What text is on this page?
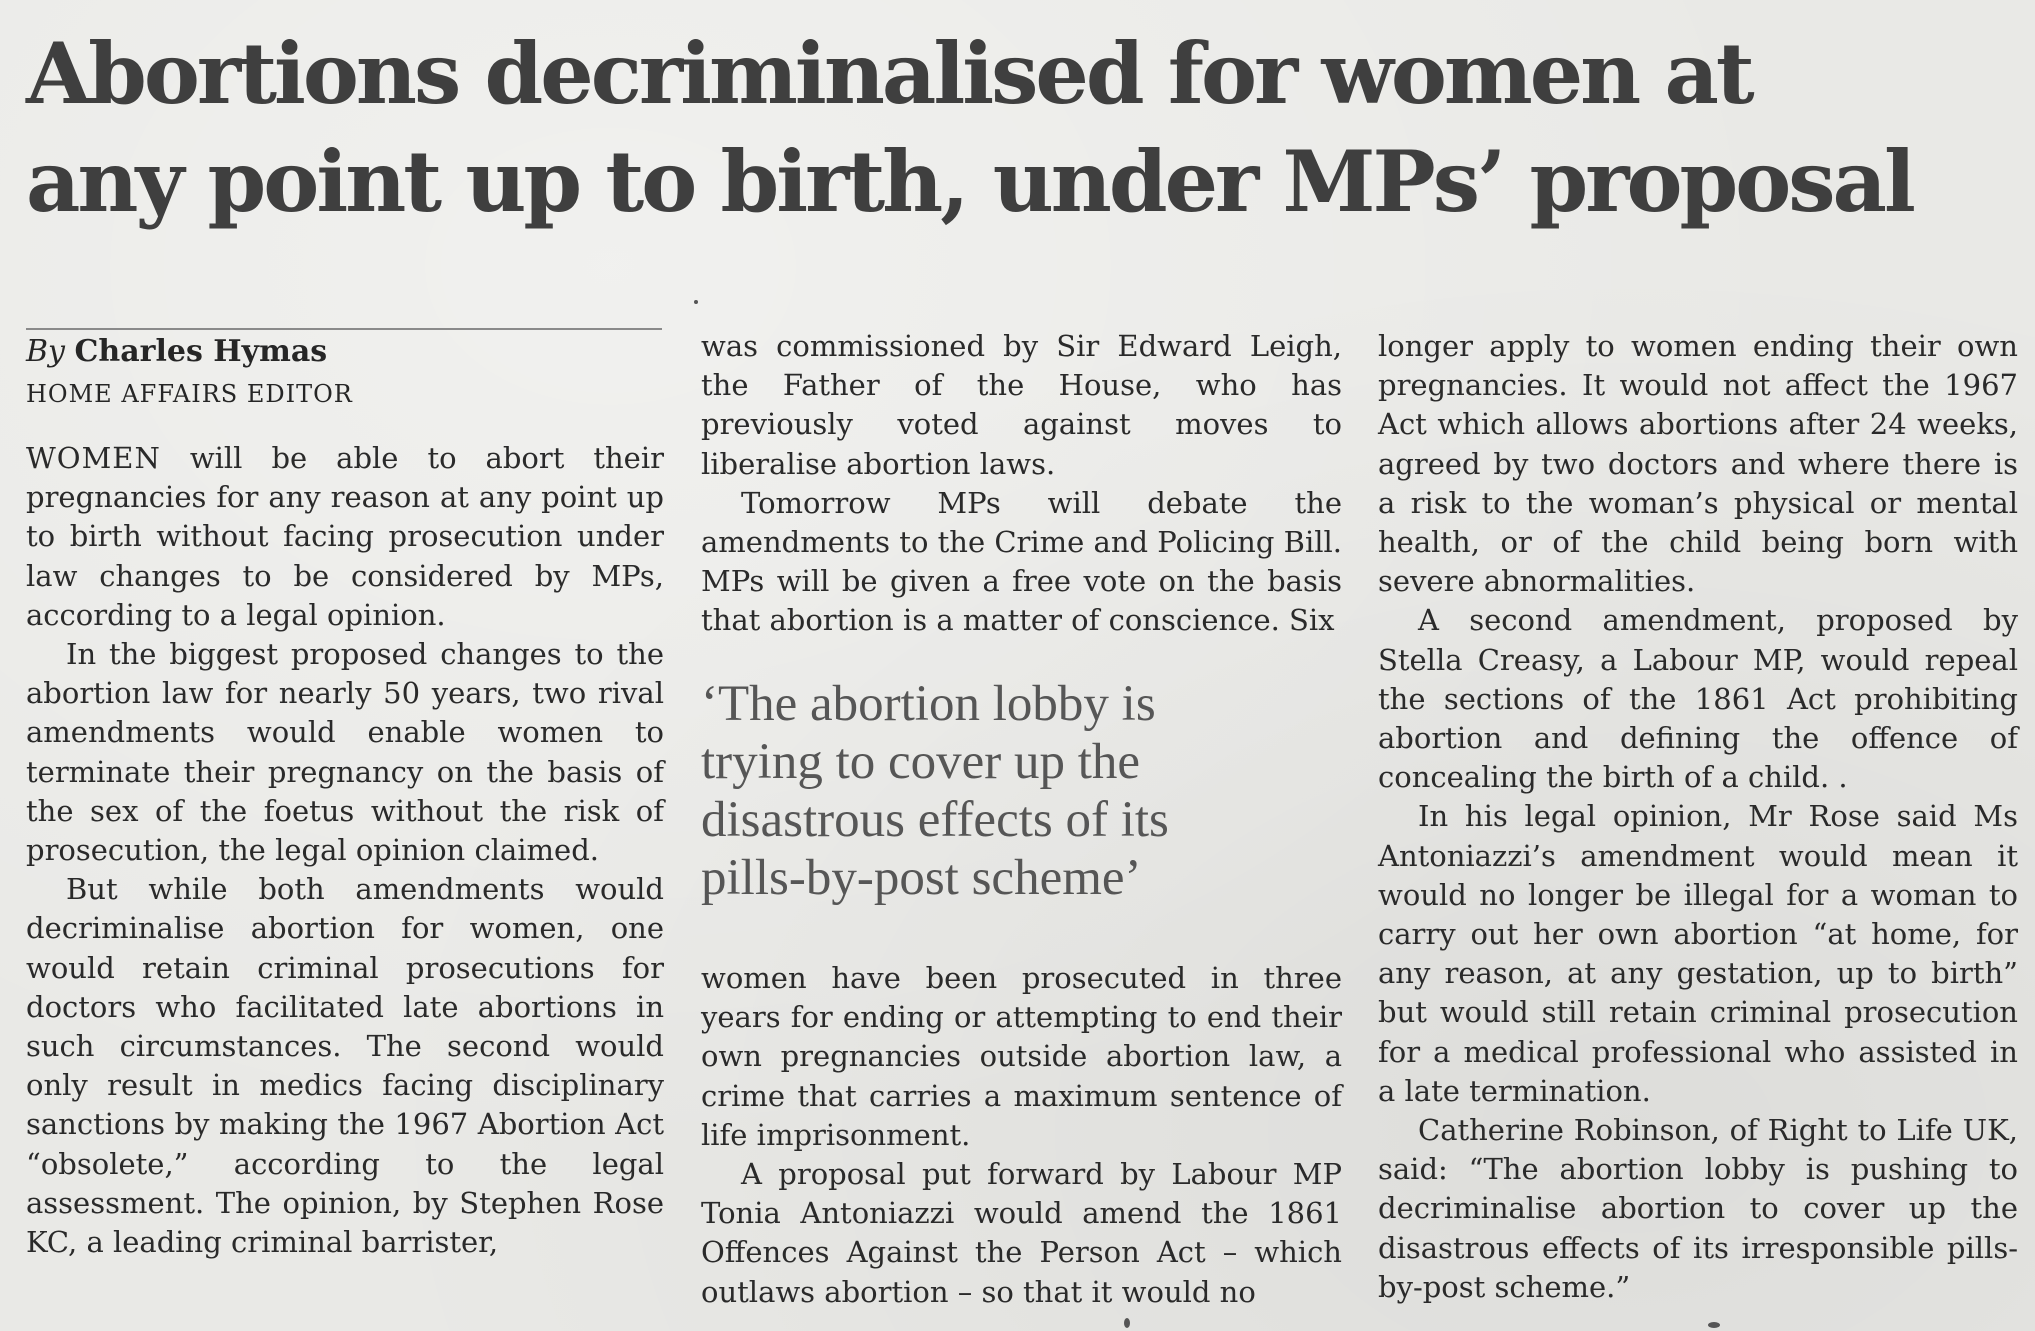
Abortions decriminalised for women at
any point up to birth, under MPs’ proposal
By Charles Hymas
HOME AFFAIRS EDITOR

WOMEN will be able to abort their pregnancies for any reason at any point up to birth without facing prosecution under law changes to be considered by MPs, according to a legal opinion.

In the biggest proposed changes to the abortion law for nearly 50 years, two rival amendments would enable women to terminate their pregnancy on the basis of the sex of the foetus without the risk of prosecution, the legal opinion claimed.

But while both amendments would decriminalise abortion for women, one would retain criminal prosecutions for doctors who facilitated late abortions in such circumstances. The second would only result in medics facing disciplinary sanctions by making the 1967 Abortion Act “obsolete,” according to the legal assessment. The opinion, by Stephen Rose KC, a leading criminal barrister,

was commissioned by Sir Edward Leigh, the Father of the House, who has previously voted against moves to liberalise abortion laws.

Tomorrow MPs will debate the amendments to the Crime and Policing Bill. MPs will be given a free vote on the basis that abortion is a matter of conscience. Six

‘The abortion lobby is
trying to cover up the
disastrous effects of its
pills-by-post scheme’

women have been prosecuted in three years for ending or attempting to end their own pregnancies outside abortion law, a crime that carries a maximum sentence of life imprisonment.

A proposal put forward by Labour MP Tonia Antoniazzi would amend the 1861 Offences Against the Person Act – which outlaws abortion – so that it would no

longer apply to women ending their own pregnancies. It would not affect the 1967 Act which allows abortions after 24 weeks, agreed by two doctors and where there is a risk to the woman’s physical or mental health, or of the child being born with severe abnormalities.

A second amendment, proposed by Stella Creasy, a Labour MP, would repeal the sections of the 1861 Act prohibiting abortion and defining the offence of concealing the birth of a child. .

In his legal opinion, Mr Rose said Ms Antoniazzi’s amendment would mean it would no longer be illegal for a woman to carry out her own abortion “at home, for any reason, at any gestation, up to birth” but would still retain criminal prosecution for a medical professional who assisted in a late termination.

Catherine Robinson, of Right to Life UK, said: “The abortion lobby is pushing to decriminalise abortion to cover up the disastrous effects of its irresponsible pills-by-post scheme.”
